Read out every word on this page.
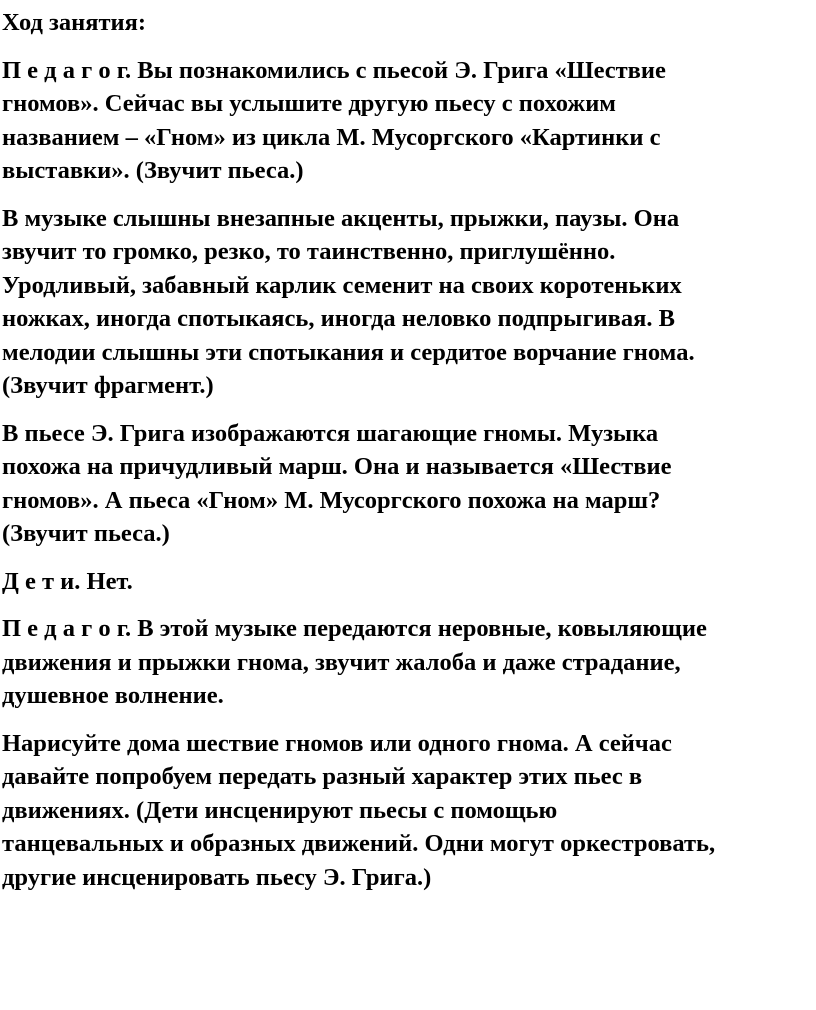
Ход занятия:

П е д а г о г. Вы познакомились с пьесой Э. Грига «Шествие
гномов». Сейчас вы услышите другую пьесу с похожим
названием – «Гном» из цикла М. Мусоргского «Картинки с
выставки». (Звучит пьеса.)

В музыке слышны внезапные акценты, прыжки, паузы. Она
звучит то громко, резко, то таинственно, приглушённо.
Уродливый, забавный карлик семенит на своих коротеньких
ножках, иногда спотыкаясь, иногда неловко подпрыгивая. В
мелодии слышны эти спотыкания и сердитое ворчание гнома.
(Звучит фрагмент.)

В пьесе Э. Грига изображаются шагающие гномы. Музыка
похожа на причудливый марш. Она и называется «Шествие
гномов». А пьеса «Гном» М. Мусоргского похожа на марш?
(Звучит пьеса.)

Д е т и. Нет.

П е д а г о г. В этой музыке передаются неровные, ковыляющие
движения и прыжки гнома, звучит жалоба и даже страдание,
душевное волнение.

Нарисуйте дома шествие гномов или одного гнома. А сейчас
давайте попробуем передать разный характер этих пьес в
движениях. (Дети инсценируют пьесы с помощью
танцевальных и образных движений. Одни могут оркестровать,
другие инсценировать пьесу Э. Грига.)
